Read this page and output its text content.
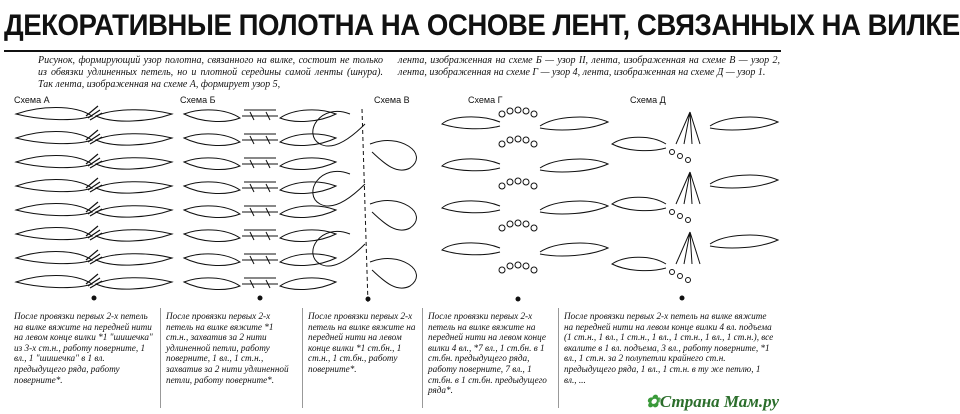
ДЕКОРАТИВНЫЕ ПОЛОТНА НА ОСНОВЕ ЛЕНТ, СВЯЗАННЫХ НА ВИЛКЕ
Рисунок, формирующий узор полотна, связанного на вилке, состоит не только из обвязки удлиненных петель, но и плотной середины самой ленты (шнура). Так лента, изображенная на схеме А, формирует узор 5,
лента, изображенная на схеме Б — узор II, лента, изображенная на схеме В — узор 2, лента, изображенная на схеме Г — узор 4, лента, изображенная на схеме Д — узор 1.
Схема А	Схема Б	Схема В	Схема Г	Схема Д
После провязки первых 2-х петель на вилке вяжите на передней нити на левом конце вилки *1 "шишечка" из 3-х ст.н., работу поверните, 1 вл., 1 "шишечка" в 1 вл. предыдущего ряда, работу поверните*.
После провязки первых 2-х петель на вилке вяжите *1 ст.н., захватив за 2 нити удлиненной петли, работу поверните, 1 вл., 1 ст.н., захватив за 2 нити удлиненной петли, работу поверните*.
После провязки первых 2-х петель на вилке вяжите на передней нити на левом конце вилки *1 ст.бн., 1 ст.н., 1 ст.бн., работу поверните*.
После провязки первых 2-х петель на вилке вяжите на передней нити на левом конце вилки 4 вл., *7 вл., 1 ст.бн. в 1 ст.бн. предыдущего ряда, работу поверните, 7 вл., 1 ст.бн. в 1 ст.бн. предыдущего ряда*.
После провязки первых 2-х петель на вилке вяжите на передней нити на левом конце вилки 4 вл. подъема (1 ст.н., 1 вл., 1 ст.н., 1 вл., 1 ст.н., 1 вл., 1 ст.н.), все вкалите в 1 вл. подъема, 3 вл., работу поверните, *1 вл., 1 ст.н. за 2 полупетли крайнего ст.н. предыдущего ряда, 1 вл., 1 ст.н. в ту же петлю, 1 вл., ...
✿Страна Мам.ру
